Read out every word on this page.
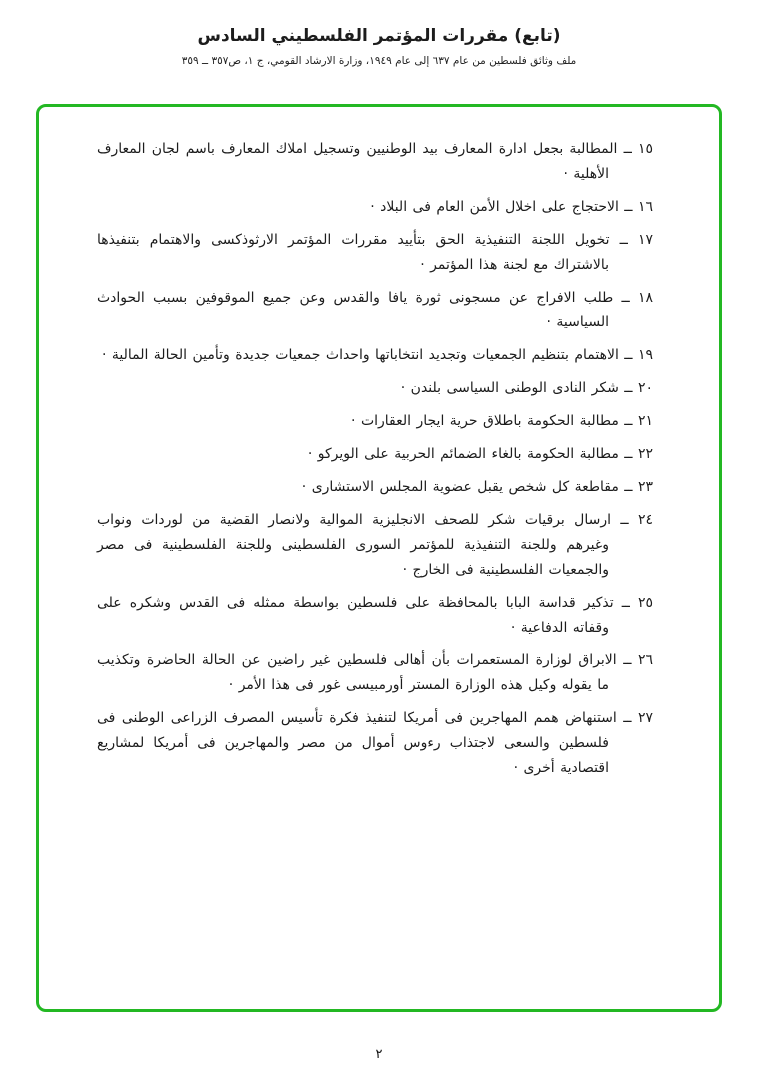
(تابع) مقررات المؤتمر الفلسطيني السادس
ملف وثائق فلسطين من عام ٦٣٧ إلى عام ١٩٤٩، وزارة الارشاد القومي، ج ١، ص٣٥٧ ــ ٣٥٩
١٥ ــ المطالبة بجعل ادارة المعارف بيد الوطنيين وتسجيل املاك المعارف باسم لجان المعارف الأهلية ·
١٦ ــ الاحتجاج على اخلال الأمن العام فى البلاد ·
١٧ ــ تخويل اللجنة التنفيذية الحق بتأييد مقررات المؤتمر الارثوذكسى والاهتمام بتنفيذها بالاشتراك مع لجنة هذا المؤتمر ·
١٨ ــ طلب الافراج عن مسجونى ثورة يافا والقدس وعن جميع الموقوفين بسبب الحوادث السياسية ·
١٩ ــ الاهتمام بتنظيم الجمعيات وتجديد انتخاباتها واحداث جمعيات جديدة وتأمين الحالة المالية ·
٢٠ ــ شكر النادى الوطنى السياسى بلندن ·
٢١ ــ مطالبة الحكومة باطلاق حرية ايجار العقارات ·
٢٢ ــ مطالبة الحكومة بالغاء الضمائم الحربية على الويركو ·
٢٣ ــ مقاطعة كل شخص يقبل عضوية المجلس الاستشارى ·
٢٤ ــ ارسال برقيات شكر للصحف الانجليزية الموالية ولانصار القضية من لوردات ونواب وغيرهم وللجنة التنفيذية للمؤتمر السورى الفلسطينى وللجنة الفلسطينية فى مصر والجمعيات الفلسطينية فى الخارج ·
٢٥ ــ تذكير قداسة البابا بالمحافظة على فلسطين بواسطة ممثله فى القدس وشكره على وقفاته الدفاعية ·
٢٦ ــ الابراق لوزارة المستعمرات بأن أهالى فلسطين غير راضين عن الحالة الحاضرة وتكذيب ما يقوله وكيل هذه الوزارة المستر أورمبيسى غور فى هذا الأمر ·
٢٧ ــ استنهاض همم المهاجرين فى أمريكا لتنفيذ فكرة تأسيس المصرف الزراعى الوطنى فى فلسطين والسعى لاجتذاب رءوس أموال من مصر والمهاجرين فى أمريكا لمشاريع اقتصادية أخرى ·
٢
